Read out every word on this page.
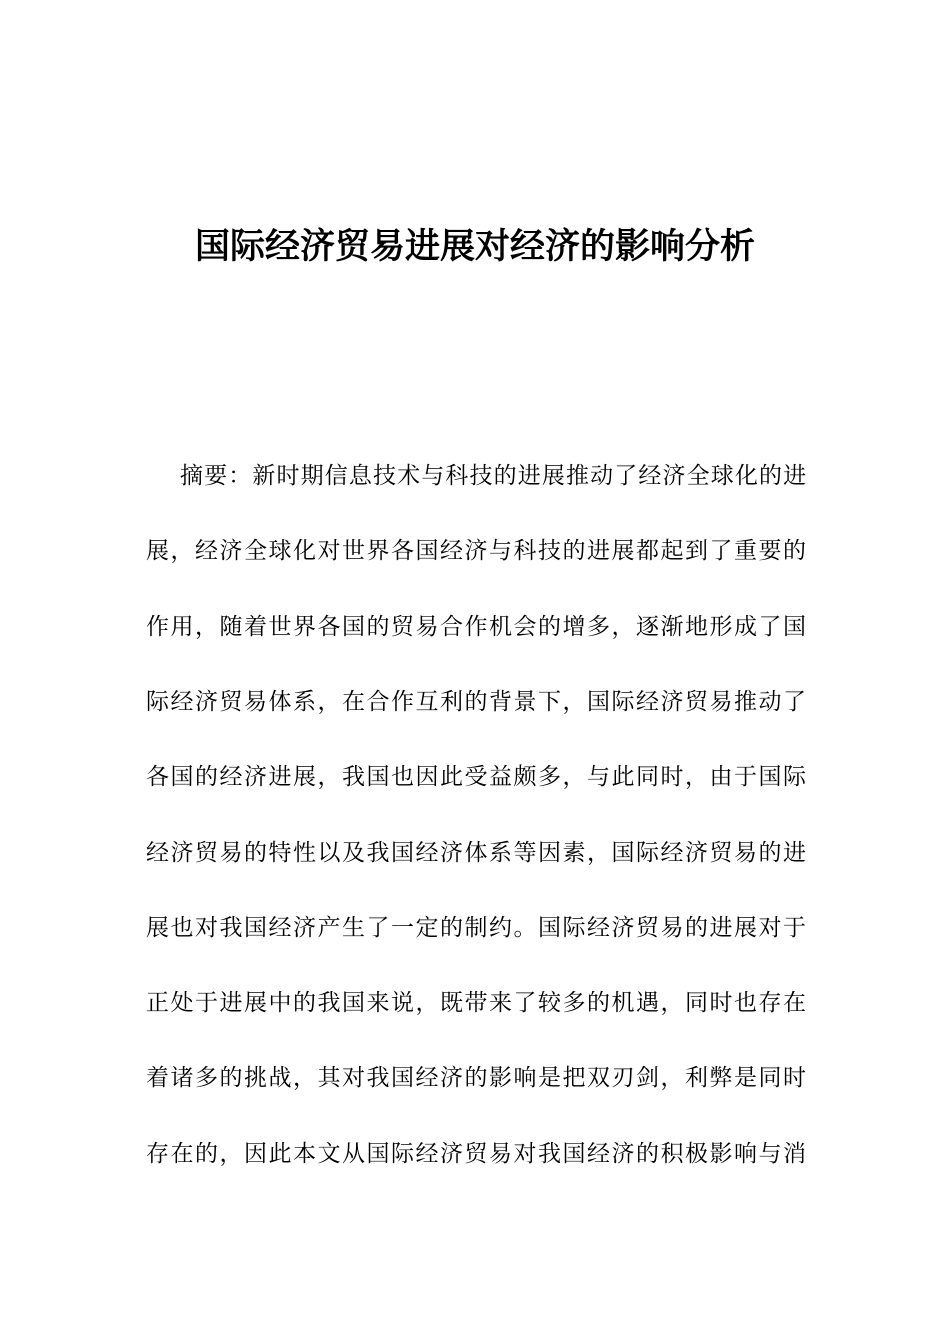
国际经济贸易进展对经济的影响分析

摘要：新时期信息技术与科技的进展推动了经济全球化的进

展，经济全球化对世界各国经济与科技的进展都起到了重要的

作用，随着世界各国的贸易合作机会的增多，逐渐地形成了国

际经济贸易体系，在合作互利的背景下，国际经济贸易推动了

各国的经济进展，我国也因此受益颇多，与此同时，由于国际

经济贸易的特性以及我国经济体系等因素，国际经济贸易的进

展也对我国经济产生了一定的制约。国际经济贸易的进展对于

正处于进展中的我国来说，既带来了较多的机遇，同时也存在

着诸多的挑战，其对我国经济的影响是把双刃剑，利弊是同时

存在的，因此本文从国际经济贸易对我国经济的积极影响与消
